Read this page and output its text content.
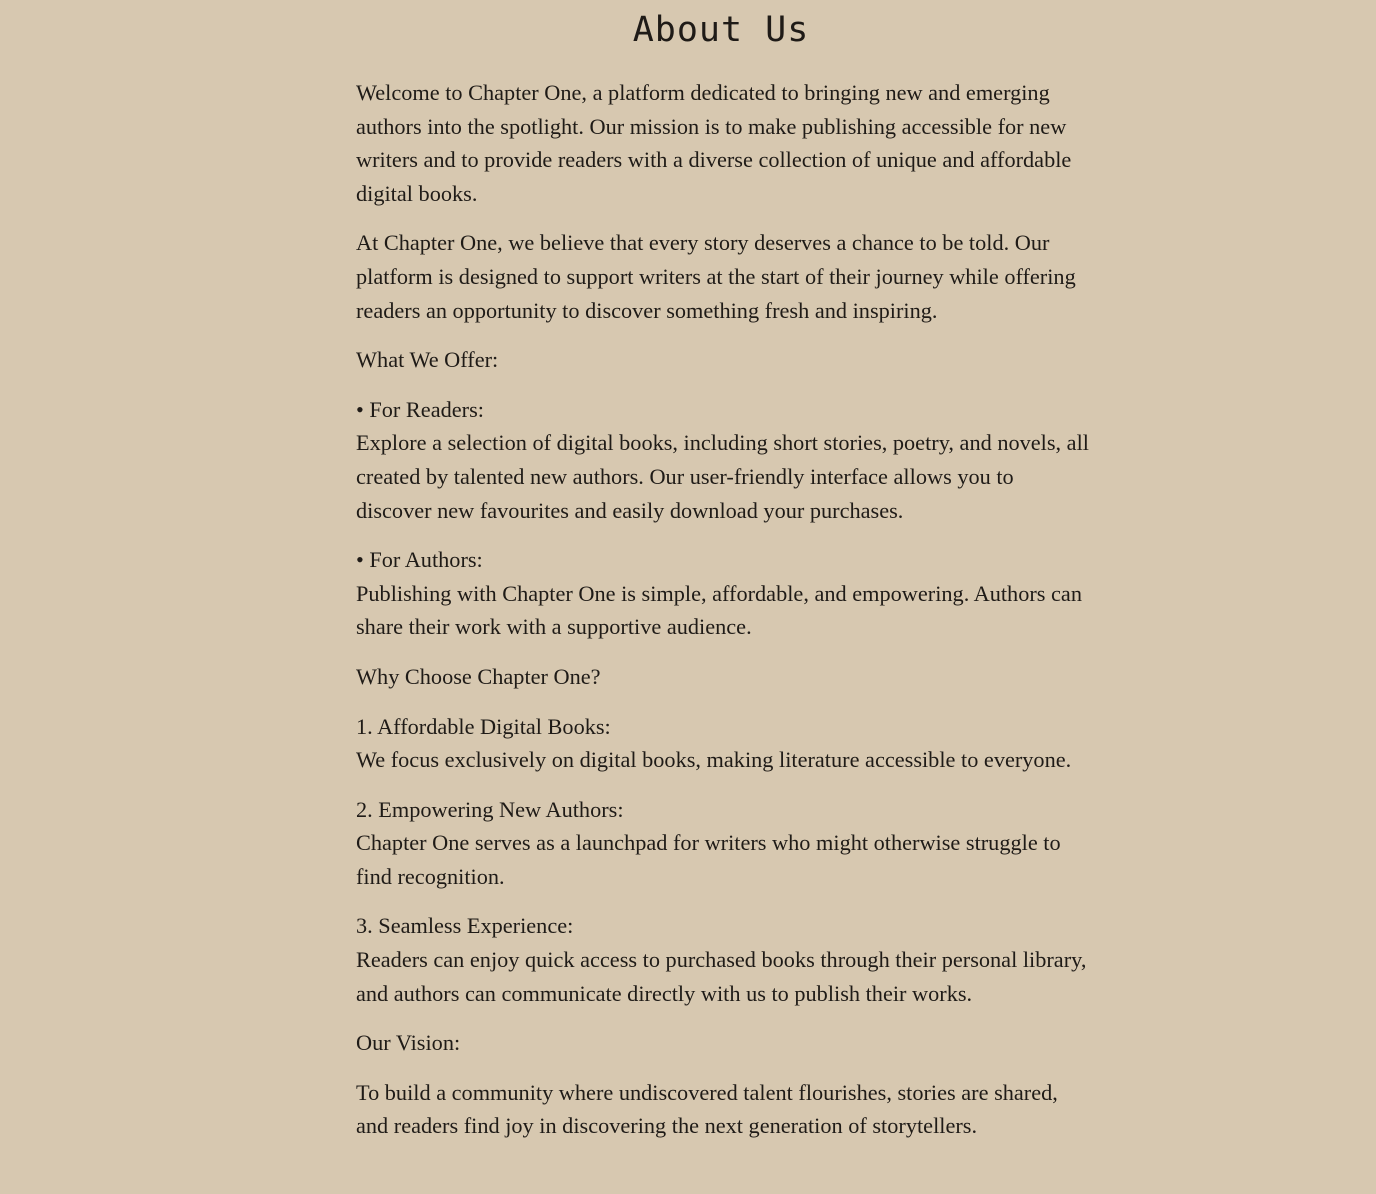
About Us

Welcome to Chapter One, a platform dedicated to bringing new and emerging authors into the spotlight. Our mission is to make publishing accessible for new writers and to provide readers with a diverse collection of unique and affordable digital books.

At Chapter One, we believe that every story deserves a chance to be told. Our platform is designed to support writers at the start of their journey while offering readers an opportunity to discover something fresh and inspiring.

What We Offer:

• For Readers:
Explore a selection of digital books, including short stories, poetry, and novels, all created by talented new authors. Our user-friendly interface allows you to discover new favourites and easily download your purchases.
• For Authors:
Publishing with Chapter One is simple, affordable, and empowering. Authors can share their work with a supportive audience.

Why Choose Chapter One?

1. Affordable Digital Books:
We focus exclusively on digital books, making literature accessible to everyone.
2. Empowering New Authors:
Chapter One serves as a launchpad for writers who might otherwise struggle to find recognition.
3. Seamless Experience:
Readers can enjoy quick access to purchased books through their personal library, and authors can communicate directly with us to publish their works.

Our Vision:

To build a community where undiscovered talent flourishes, stories are shared, and readers find joy in discovering the next generation of storytellers.
